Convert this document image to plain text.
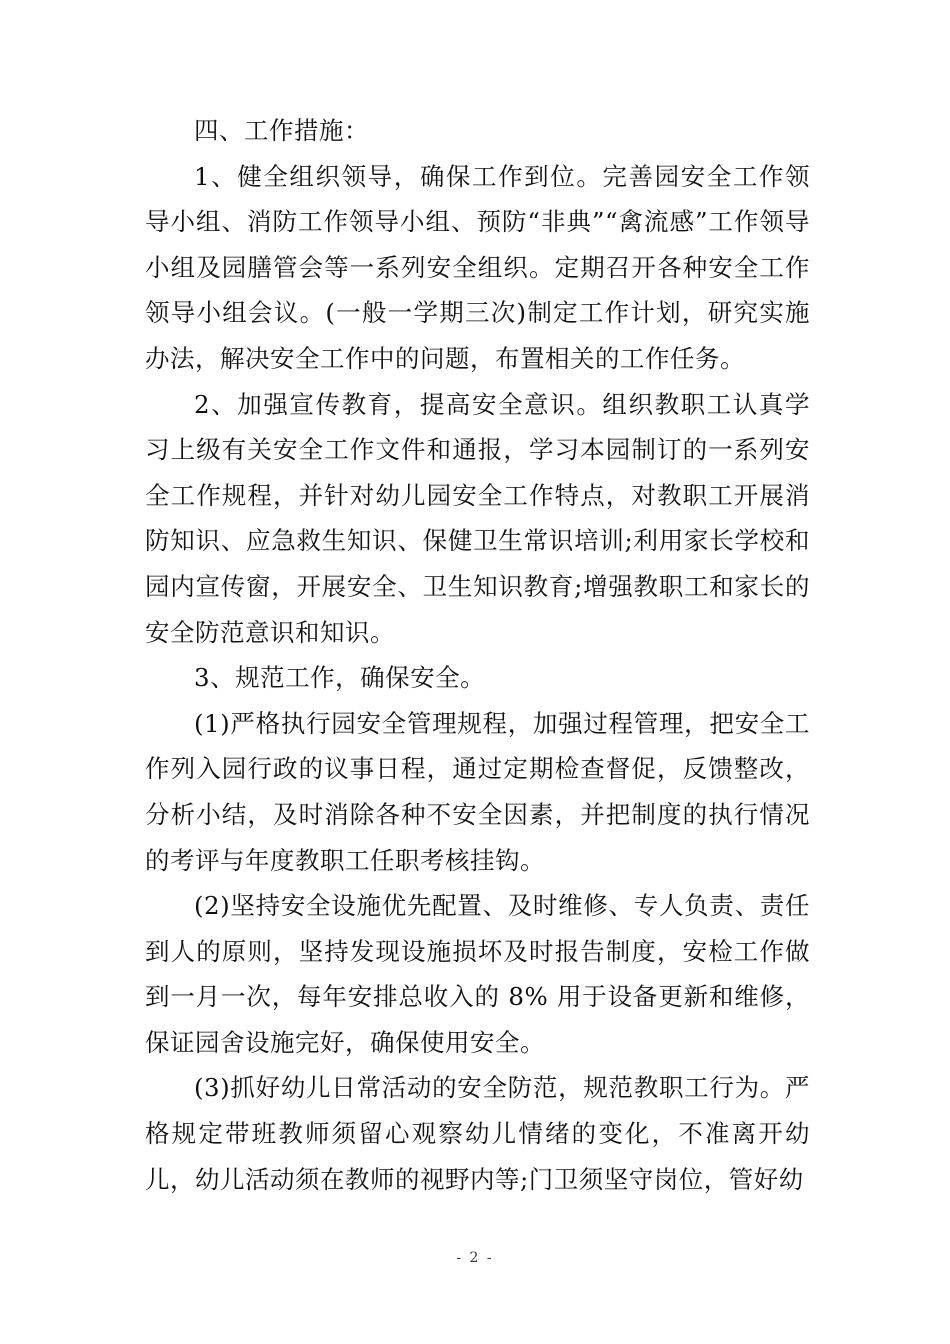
四、工作措施：

1、健全组织领导，确保工作到位。完善园安全工作领导小组、消防工作领导小组、预防“非典”“禽流感”工作领导小组及园膳管会等一系列安全组织。定期召开各种安全工作领导小组会议。(一般一学期三次)制定工作计划，研究实施办法，解决安全工作中的问题，布置相关的工作任务。

2、加强宣传教育，提高安全意识。组织教职工认真学习上级有关安全工作文件和通报，学习本园制订的一系列安全工作规程，并针对幼儿园安全工作特点，对教职工开展消防知识、应急救生知识、保健卫生常识培训;利用家长学校和园内宣传窗，开展安全、卫生知识教育;增强教职工和家长的安全防范意识和知识。

3、规范工作，确保安全。

(1)严格执行园安全管理规程，加强过程管理，把安全工作列入园行政的议事日程，通过定期检查督促，反馈整改，分析小结，及时消除各种不安全因素，并把制度的执行情况的考评与年度教职工任职考核挂钩。

(2)坚持安全设施优先配置、及时维修、专人负责、责任到人的原则，坚持发现设施损坏及时报告制度，安检工作做到一月一次，每年安排总收入的 8% 用于设备更新和维修，保证园舍设施完好，确保使用安全。

(3)抓好幼儿日常活动的安全防范，规范教职工行为。严格规定带班教师须留心观察幼儿情绪的变化，不准离开幼儿，幼儿活动须在教师的视野内等;门卫须坚守岗位，管好幼

- 2 -
